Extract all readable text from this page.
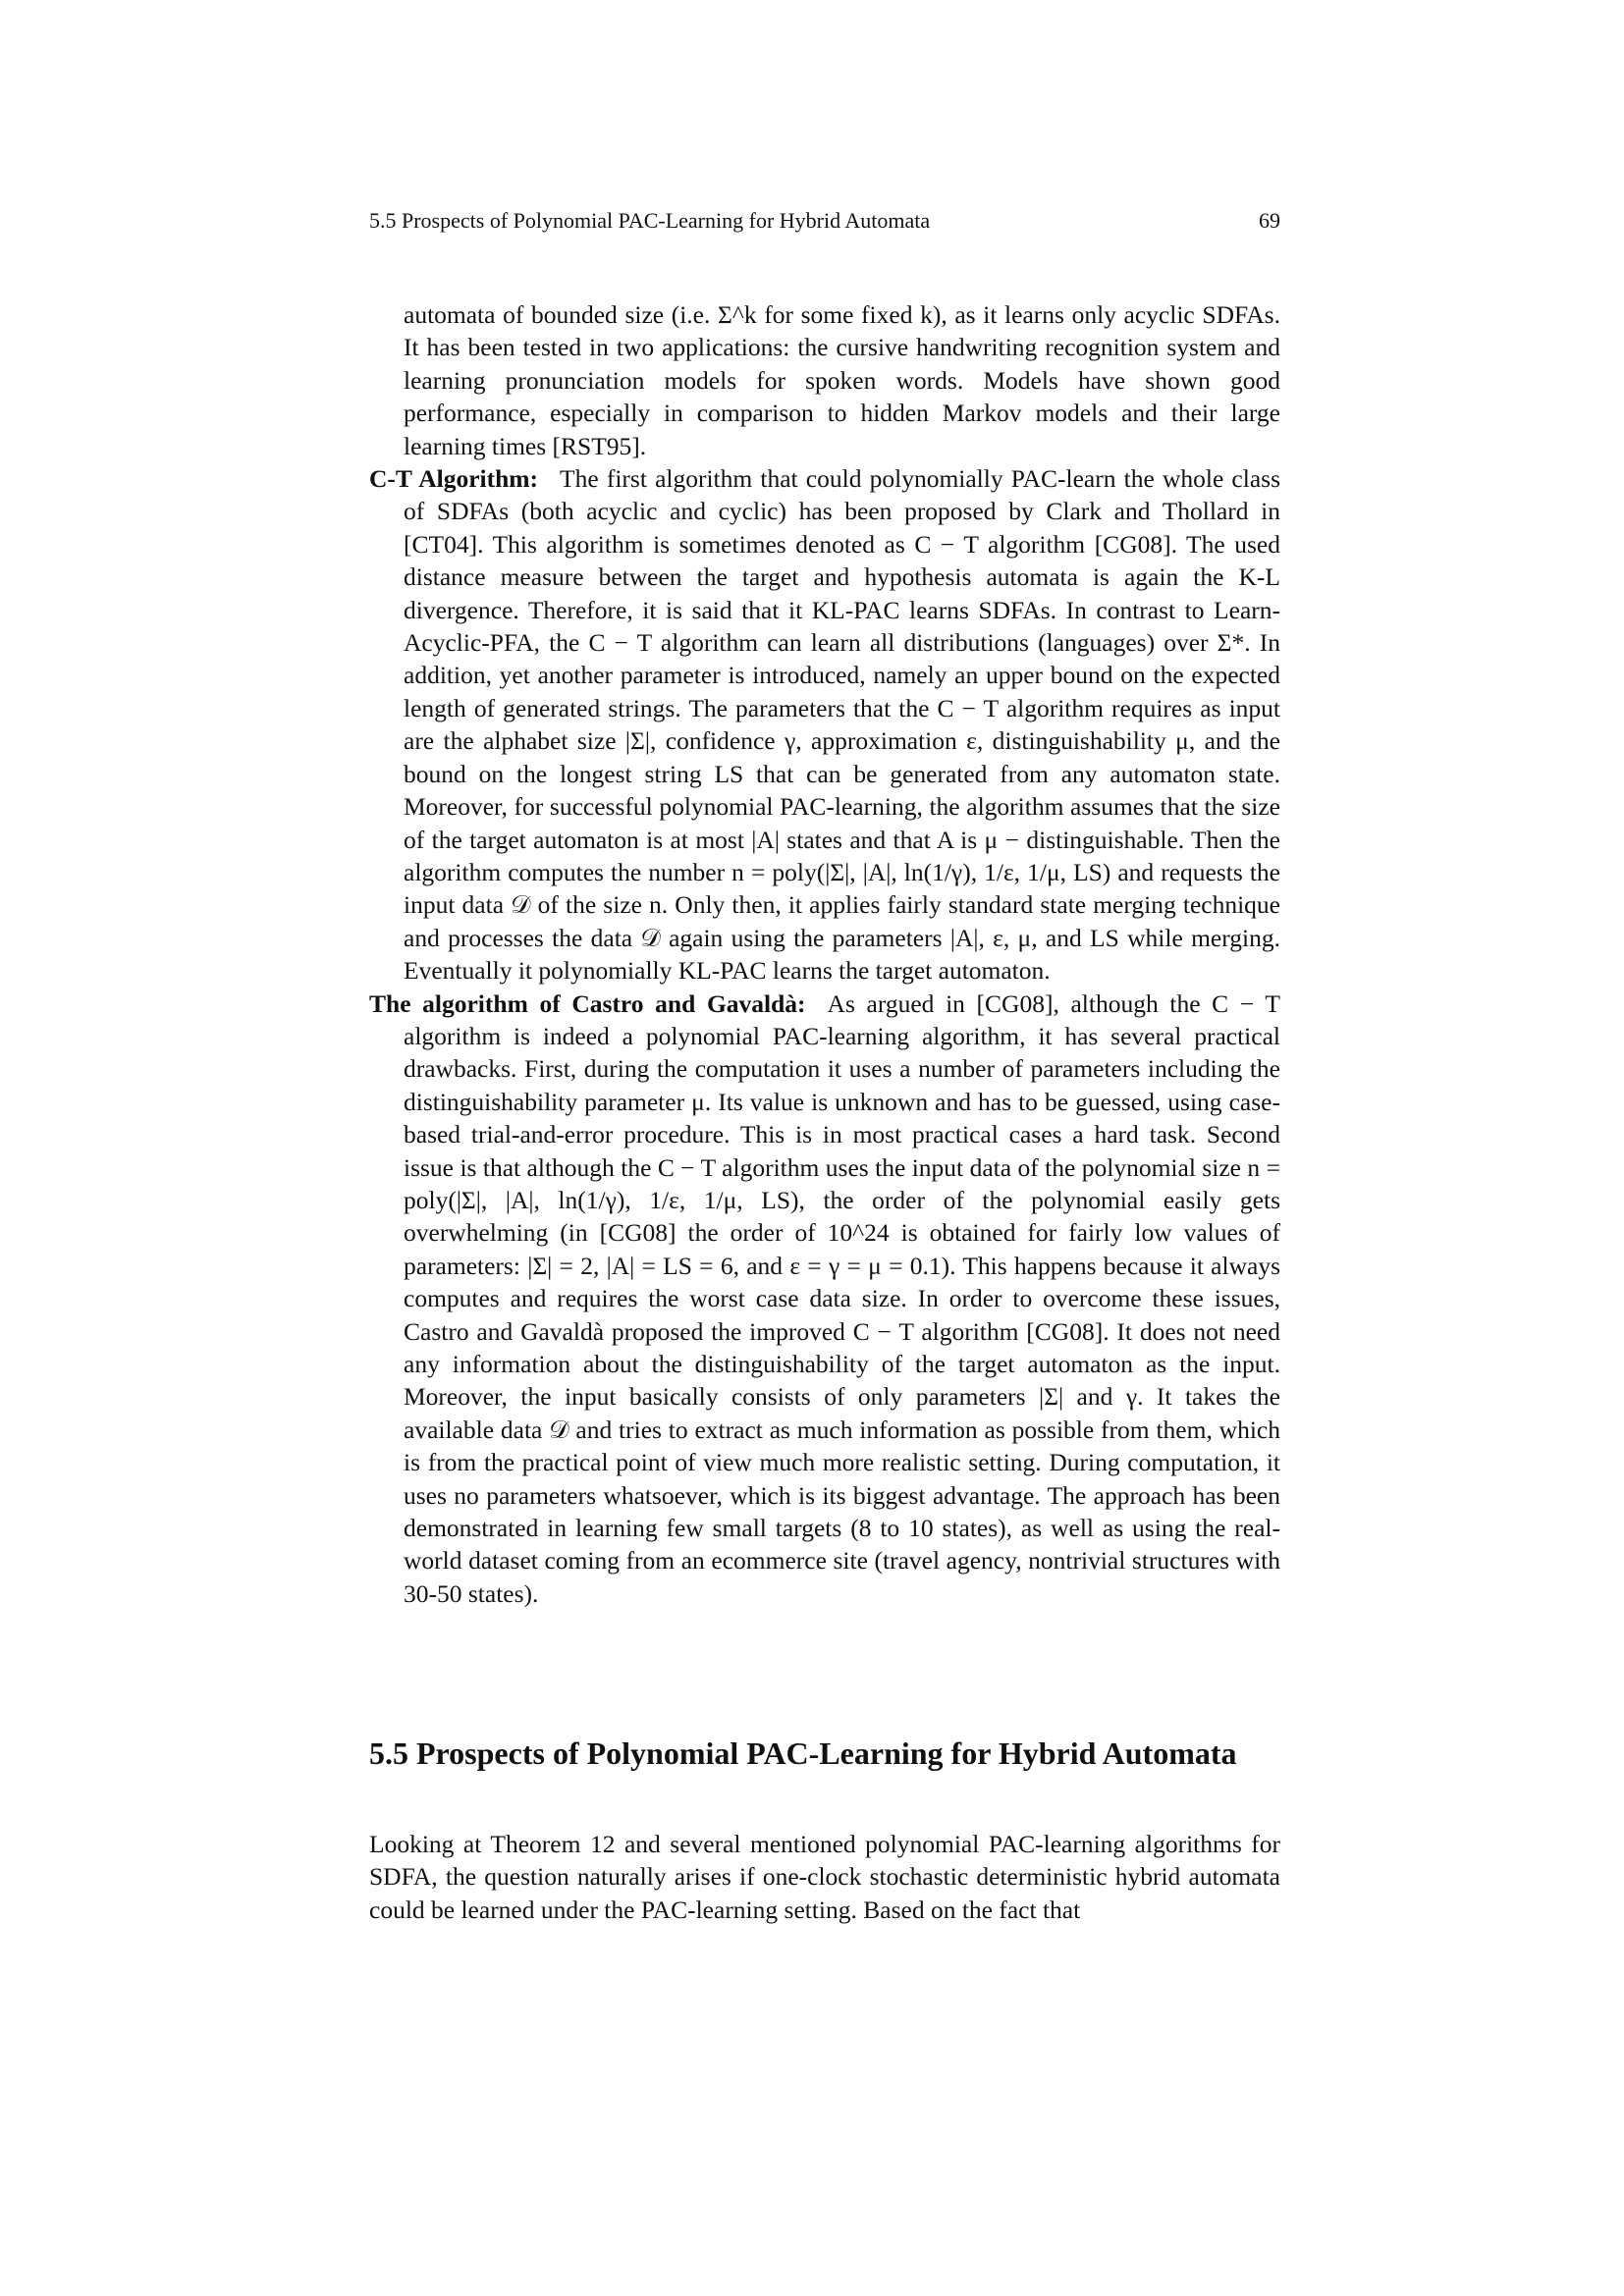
5.5 Prospects of Polynomial PAC-Learning for Hybrid Automata	69

automata of bounded size (i.e. Σ^k for some fixed k), as it learns only acyclic SDFAs. It has been tested in two applications: the cursive handwriting recognition system and learning pronunciation models for spoken words. Models have shown good performance, especially in comparison to hidden Markov models and their large learning times [RST95].

C-T Algorithm: The first algorithm that could polynomially PAC-learn the whole class of SDFAs (both acyclic and cyclic) has been proposed by Clark and Thollard in [CT04]. This algorithm is sometimes denoted as C − T algorithm [CG08]. The used distance measure between the target and hypothesis automata is again the K-L divergence. Therefore, it is said that it KL-PAC learns SDFAs. In contrast to Learn-Acyclic-PFA, the C − T algorithm can learn all distributions (languages) over Σ*. In addition, yet another parameter is introduced, namely an upper bound on the expected length of generated strings. The parameters that the C − T algorithm requires as input are the alphabet size |Σ|, confidence γ, approximation ε, distinguishability μ, and the bound on the longest string LS that can be generated from any automaton state. Moreover, for successful polynomial PAC-learning, the algorithm assumes that the size of the target automaton is at most |A| states and that A is μ − distinguishable. Then the algorithm computes the number n = poly(|Σ|, |A|, ln(1/γ), 1/ε, 1/μ, LS) and requests the input data 𝒟 of the size n. Only then, it applies fairly standard state merging technique and processes the data 𝒟 again using the parameters |A|, ε, μ, and LS while merging. Eventually it polynomially KL-PAC learns the target automaton.

The algorithm of Castro and Gavaldà: As argued in [CG08], although the C − T algorithm is indeed a polynomial PAC-learning algorithm, it has several practical drawbacks. First, during the computation it uses a number of parameters including the distinguishability parameter μ. Its value is unknown and has to be guessed, using case-based trial-and-error procedure. This is in most practical cases a hard task. Second issue is that although the C − T algorithm uses the input data of the polynomial size n = poly(|Σ|, |A|, ln(1/γ), 1/ε, 1/μ, LS), the order of the polynomial easily gets overwhelming (in [CG08] the order of 10^24 is obtained for fairly low values of parameters: |Σ| = 2, |A| = LS = 6, and ε = γ = μ = 0.1). This happens because it always computes and requires the worst case data size. In order to overcome these issues, Castro and Gavaldà proposed the improved C − T algorithm [CG08]. It does not need any information about the distinguishability of the target automaton as the input. Moreover, the input basically consists of only parameters |Σ| and γ. It takes the available data 𝒟 and tries to extract as much information as possible from them, which is from the practical point of view much more realistic setting. During computation, it uses no parameters whatsoever, which is its biggest advantage. The approach has been demonstrated in learning few small targets (8 to 10 states), as well as using the real-world dataset coming from an ecommerce site (travel agency, nontrivial structures with 30-50 states).

5.5 Prospects of Polynomial PAC-Learning for Hybrid Automata

Looking at Theorem 12 and several mentioned polynomial PAC-learning algorithms for SDFA, the question naturally arises if one-clock stochastic deterministic hybrid automata could be learned under the PAC-learning setting. Based on the fact that
